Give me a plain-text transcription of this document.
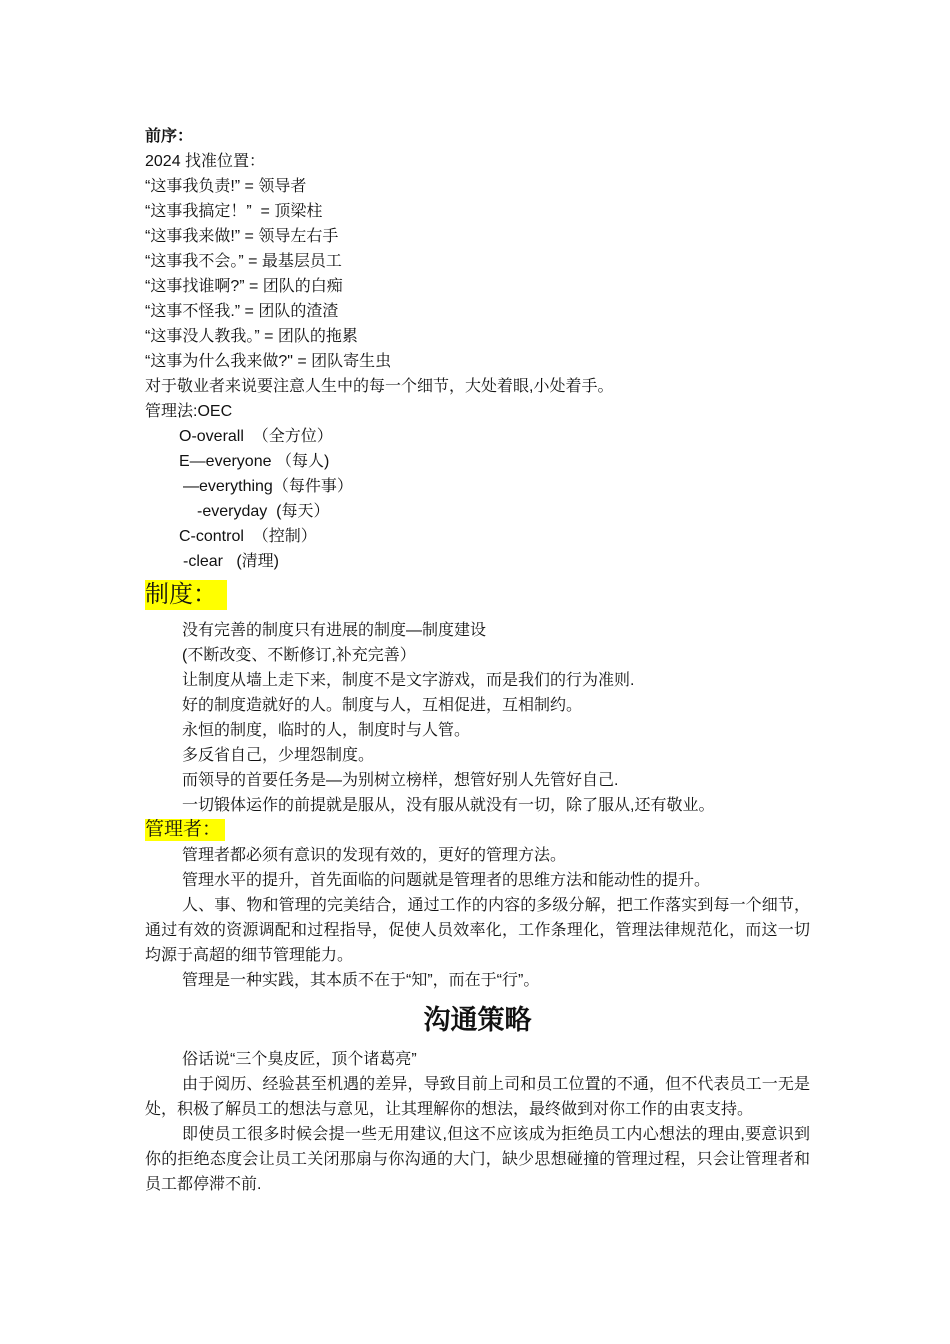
前序：
2024 找准位置：
“这事我负责!” = 领导者
“这事我搞定！”  = 顶梁柱
“这事我来做!” = 领导左右手
“这事我不会。” = 最基层员工
“这事找谁啊?” = 团队的白痴
“这事不怪我.” = 团队的渣渣
“这事没人教我。” = 团队的拖累
“这事为什么我来做?" = 团队寄生虫
对于敬业者来说要注意人生中的每一个细节，大处着眼,小处着手。
管理法:OEC
O-overall  （全方位）
E—everyone （每人)
—everything（每件事）
-everyday  (每天）
C-control  （控制）
-clear   (清理)
制度：
没有完善的制度只有进展的制度—制度建设
(不断改变、不断修订,补充完善）
让制度从墙上走下来，制度不是文字游戏，而是我们的行为准则.
好的制度造就好的人。制度与人，互相促进，互相制约。
永恒的制度，临时的人，制度时与人管。
多反省自己，少埋怨制度。
而领导的首要任务是—为别树立榜样，想管好别人先管好自己.
一切锻体运作的前提就是服从，没有服从就没有一切，除了服从,还有敬业。
管理者：
管理者都必须有意识的发现有效的，更好的管理方法。
管理水平的提升，首先面临的问题就是管理者的思维方法和能动性的提升。
人、事、物和管理的完美结合，通过工作的内容的多级分解，把工作落实到每一个细节，通过有效的资源调配和过程指导，促使人员效率化，工作条理化，管理法律规范化，而这一切均源于高超的细节管理能力。
管理是一种实践，其本质不在于“知”，而在于“行”。
沟通策略
俗话说“三个臭皮匠，顶个诸葛亮”
由于阅历、经验甚至机遇的差异，导致目前上司和员工位置的不通，但不代表员工一无是处，积极了解员工的想法与意见，让其理解你的想法，最终做到对你工作的由衷支持。
即使员工很多时候会提一些无用建议,但这不应该成为拒绝员工内心想法的理由,要意识到你的拒绝态度会让员工关闭那扇与你沟通的大门，缺少思想碰撞的管理过程，只会让管理者和员工都停滞不前.
